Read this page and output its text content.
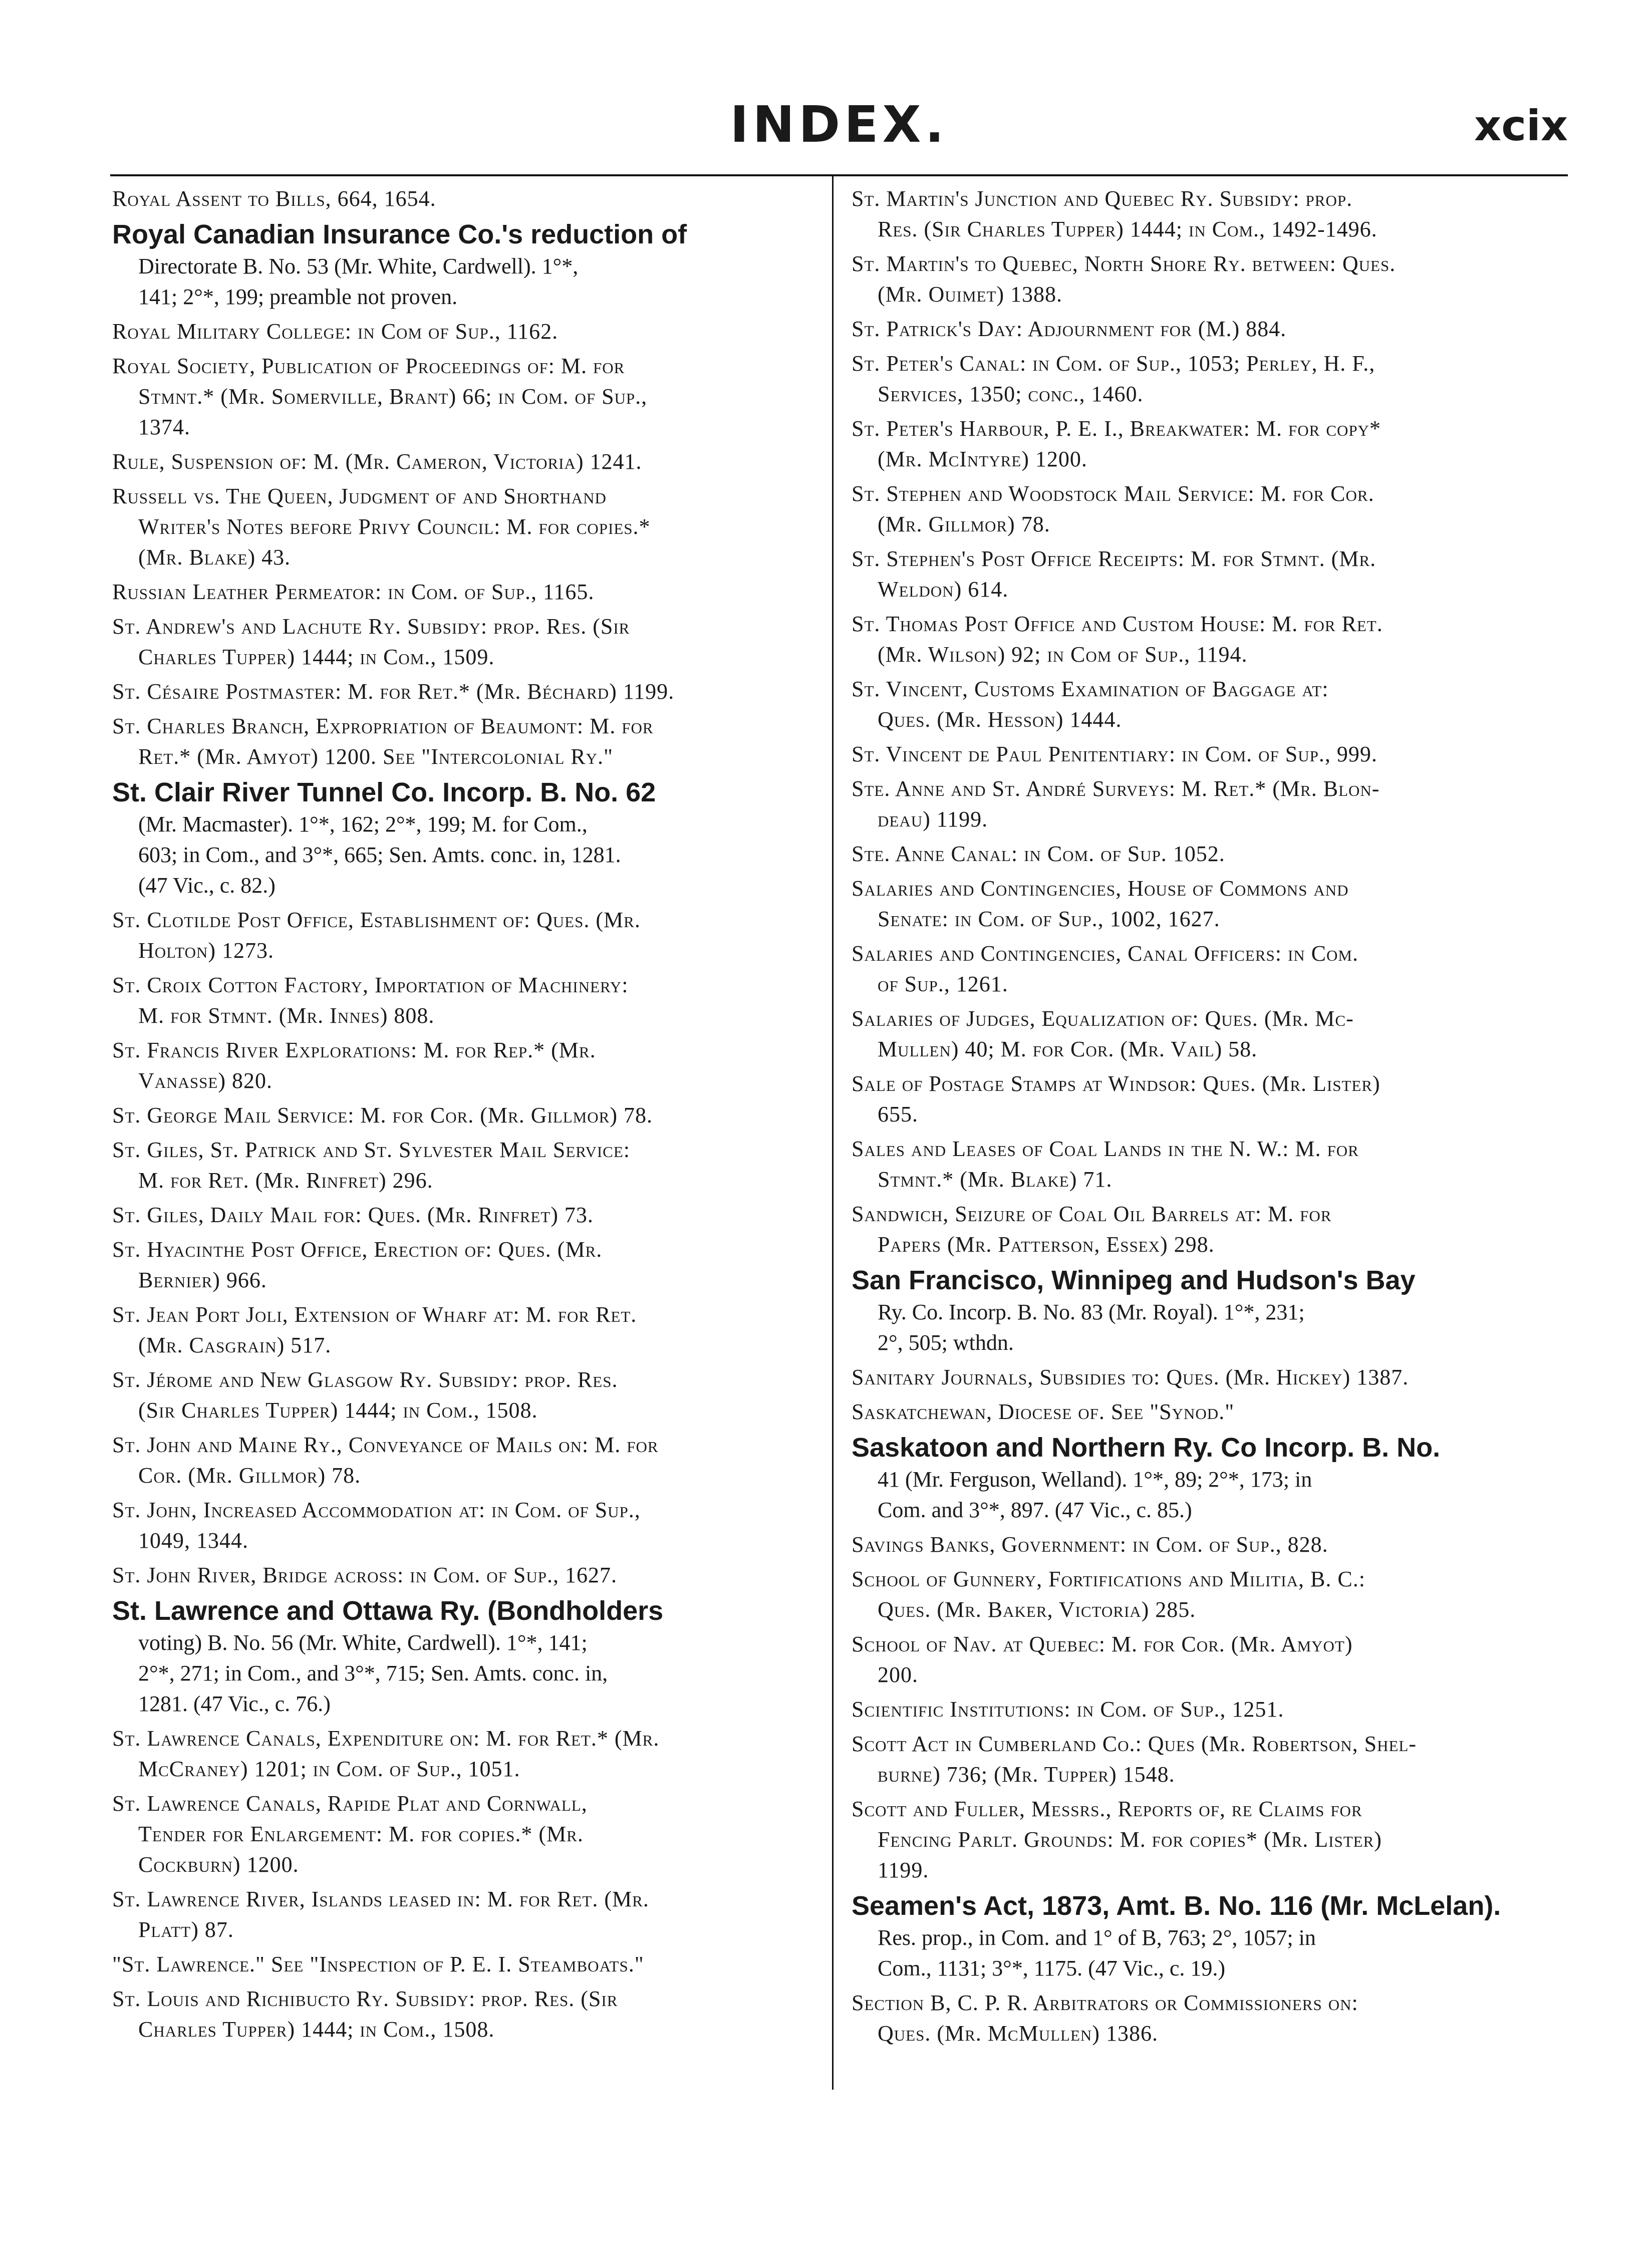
INDEX.	xcix
Royal Assent to Bills, 664, 1654.
Royal Canadian Insurance Co.'s reduction of
Directorate B. No. 53 (Mr. White, Cardwell). 1°*,
141; 2°*, 199; preamble not proven.
Royal Military College: in Com of Sup., 1162.
Royal Society, Publication of Proceedings of: M. for
Stmnt.* (Mr. Somerville, Brant) 66; in Com. of Sup.,
1374.
Rule, Suspension of: M. (Mr. Cameron, Victoria) 1241.
Russell vs. The Queen, Judgment of and Shorthand
Writer's Notes before Privy Council: M. for copies.*
(Mr. Blake) 43.
Russian Leather Permeator: in Com. of Sup., 1165.
St. Andrew's and Lachute Ry. Subsidy: prop. Res. (Sir
Charles Tupper) 1444; in Com., 1509.
St. Césaire Postmaster: M. for Ret.* (Mr. Béchard) 1199.
St. Charles Branch, Expropriation of Beaumont: M. for
Ret.* (Mr. Amyot) 1200. See "Intercolonial Ry."
St. Clair River Tunnel Co. Incorp. B. No. 62
(Mr. Macmaster). 1°*, 162; 2°*, 199; M. for Com.,
603; in Com., and 3°*, 665; Sen. Amts. conc. in, 1281.
(47 Vic., c. 82.)
St. Clotilde Post Office, Establishment of: Ques. (Mr.
Holton) 1273.
St. Croix Cotton Factory, Importation of Machinery:
M. for Stmnt. (Mr. Innes) 808.
St. Francis River Explorations: M. for Rep.* (Mr.
Vanasse) 820.
St. George Mail Service: M. for Cor. (Mr. Gillmor) 78.
St. Giles, St. Patrick and St. Sylvester Mail Service:
M. for Ret. (Mr. Rinfret) 296.
St. Giles, Daily Mail for: Ques. (Mr. Rinfret) 73.
St. Hyacinthe Post Office, Erection of: Ques. (Mr.
Bernier) 966.
St. Jean Port Joli, Extension of Wharf at: M. for Ret.
(Mr. Casgrain) 517.
St. Jérome and New Glasgow Ry. Subsidy: prop. Res.
(Sir Charles Tupper) 1444; in Com., 1508.
St. John and Maine Ry., Conveyance of Mails on: M. for
Cor. (Mr. Gillmor) 78.
St. John, Increased Accommodation at: in Com. of Sup.,
1049, 1344.
St. John River, Bridge across: in Com. of Sup., 1627.
St. Lawrence and Ottawa Ry. (Bondholders
voting) B. No. 56 (Mr. White, Cardwell). 1°*, 141;
2°*, 271; in Com., and 3°*, 715; Sen. Amts. conc. in,
1281. (47 Vic., c. 76.)
St. Lawrence Canals, Expenditure on: M. for Ret.* (Mr.
McCraney) 1201; in Com. of Sup., 1051.
St. Lawrence Canals, Rapide Plat and Cornwall,
Tender for Enlargement: M. for copies.* (Mr.
Cockburn) 1200.
St. Lawrence River, Islands leased in: M. for Ret. (Mr.
Platt) 87.
"St. Lawrence." See "Inspection of P. E. I. Steamboats."
St. Louis and Richibucto Ry. Subsidy: prop. Res. (Sir
Charles Tupper) 1444; in Com., 1508.
St. Martin's Junction and Quebec Ry. Subsidy: prop.
Res. (Sir Charles Tupper) 1444; in Com., 1492-1496.
St. Martin's to Quebec, North Shore Ry. between: Ques.
(Mr. Ouimet) 1388.
St. Patrick's Day: Adjournment for (M.) 884.
St. Peter's Canal: in Com. of Sup., 1053; Perley, H. F.,
Services, 1350; conc., 1460.
St. Peter's Harbour, P. E. I., Breakwater: M. for copy*
(Mr. McIntyre) 1200.
St. Stephen and Woodstock Mail Service: M. for Cor.
(Mr. Gillmor) 78.
St. Stephen's Post Office Receipts: M. for Stmnt. (Mr.
Weldon) 614.
St. Thomas Post Office and Custom House: M. for Ret.
(Mr. Wilson) 92; in Com of Sup., 1194.
St. Vincent, Customs Examination of Baggage at:
Ques. (Mr. Hesson) 1444.
St. Vincent de Paul Penitentiary: in Com. of Sup., 999.
Ste. Anne and St. André Surveys: M. Ret.* (Mr. Blon-
deau) 1199.
Ste. Anne Canal: in Com. of Sup. 1052.
Salaries and Contingencies, House of Commons and
Senate: in Com. of Sup., 1002, 1627.
Salaries and Contingencies, Canal Officers: in Com.
of Sup., 1261.
Salaries of Judges, Equalization of: Ques. (Mr. Mc-
Mullen) 40; M. for Cor. (Mr. Vail) 58.
Sale of Postage Stamps at Windsor: Ques. (Mr. Lister)
655.
Sales and Leases of Coal Lands in the N. W.: M. for
Stmnt.* (Mr. Blake) 71.
Sandwich, Seizure of Coal Oil Barrels at: M. for
Papers (Mr. Patterson, Essex) 298.
San Francisco, Winnipeg and Hudson's Bay
Ry. Co. Incorp. B. No. 83 (Mr. Royal). 1°*, 231;
2°, 505; wthdn.
Sanitary Journals, Subsidies to: Ques. (Mr. Hickey) 1387.
Saskatchewan, Diocese of. See "Synod."
Saskatoon and Northern Ry. Co Incorp. B. No.
41 (Mr. Ferguson, Welland). 1°*, 89; 2°*, 173; in
Com. and 3°*, 897. (47 Vic., c. 85.)
Savings Banks, Government: in Com. of Sup., 828.
School of Gunnery, Fortifications and Militia, B. C.:
Ques. (Mr. Baker, Victoria) 285.
School of Nav. at Quebec: M. for Cor. (Mr. Amyot)
200.
Scientific Institutions: in Com. of Sup., 1251.
Scott Act in Cumberland Co.: Ques (Mr. Robertson, Shel-
burne) 736; (Mr. Tupper) 1548.
Scott and Fuller, Messrs., Reports of, re Claims for
Fencing Parlt. Grounds: M. for copies* (Mr. Lister)
1199.
Seamen's Act, 1873, Amt. B. No. 116 (Mr. McLelan).
Res. prop., in Com. and 1° of B, 763; 2°, 1057; in
Com., 1131; 3°*, 1175. (47 Vic., c. 19.)
Section B, C. P. R. Arbitrators or Commissioners on:
Ques. (Mr. McMullen) 1386.
